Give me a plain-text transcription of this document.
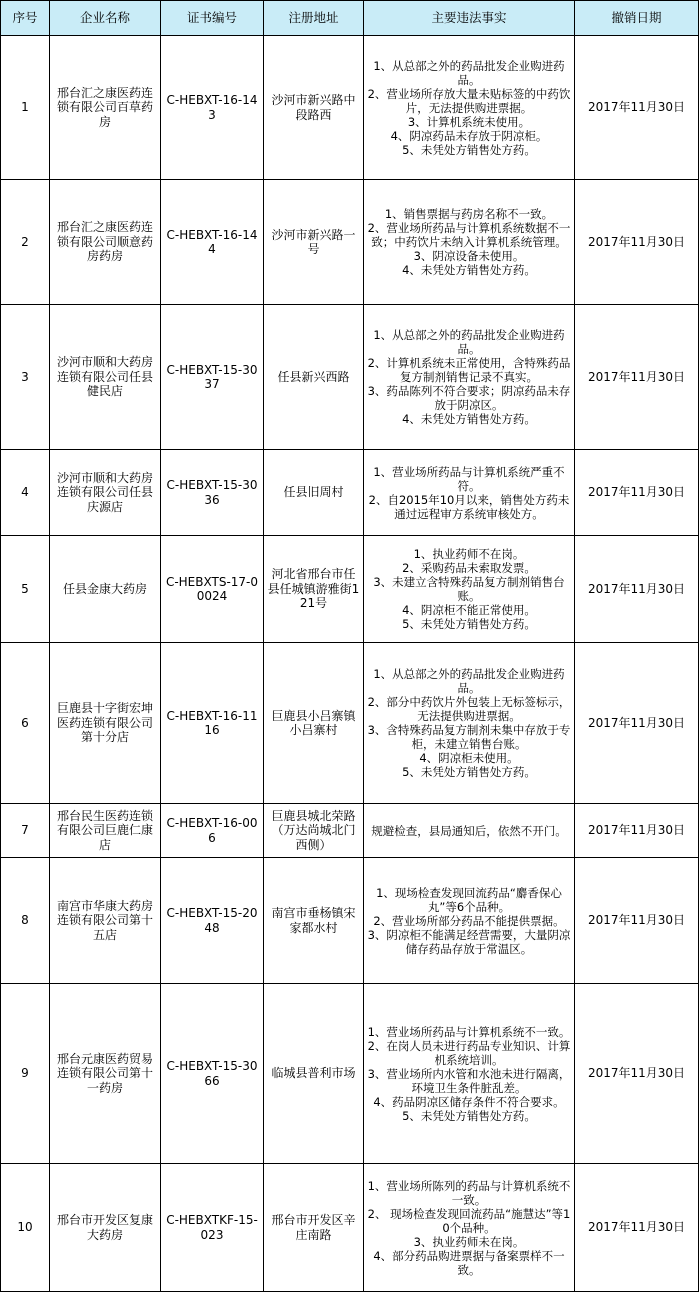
序号	企业名称	证书编号	注册地址	主要违法事实	撤销日期
1	邢台汇之康医药连锁有限公司百草药房	C-HEBXT-16-143	沙河市新兴路中段路西	1、从总部之外的药品批发企业购进药品。
2、营业场所存放大量未贴标签的中药饮片，无法提供购进票据。
3、计算机系统未使用。
4、阴凉药品未存放于阴凉柜。
5、未凭处方销售处方药。	2017年11月30日
2	邢台汇之康医药连锁有限公司顺意药房药房	C-HEBXT-16-144	沙河市新兴路一号	1、销售票据与药房名称不一致。
2、营业场所药品与计算机系统数据不一致；中药饮片未纳入计算机系统管理。
3、阴凉设备未使用。
4、未凭处方销售处方药。	2017年11月30日
3	沙河市顺和大药房连锁有限公司任县健民店	C-HEBXT-15-3037	任县新兴西路	1、从总部之外的药品批发企业购进药品。
2、计算机系统未正常使用，含特殊药品复方制剂销售记录不真实。
3、药品陈列不符合要求；阴凉药品未存放于阴凉区。
4、未凭处方销售处方药。	2017年11月30日
4	沙河市顺和大药房连锁有限公司任县庆源店	C-HEBXT-15-3036	任县旧周村	1、营业场所药品与计算机系统严重不符。
2、自2015年10月以来，销售处方药未通过远程审方系统审核处方。	2017年11月30日
5	任县金康大药房	C-HEBXTS-17-00024	河北省邢台市任县任城镇游雅街121号	1、执业药师不在岗。
2、采购药品未索取发票。
3、未建立含特殊药品复方制剂销售台账。
4、阴凉柜不能正常使用。
5、未凭处方销售处方药。	2017年11月30日
6	巨鹿县十字街宏坤医药连锁有限公司第十分店	C-HEBXT-16-1116	巨鹿县小吕寨镇小吕寨村	1、从总部之外的药品批发企业购进药品。
2、部分中药饮片外包装上无标签标示，无法提供购进票据。
3、含特殊药品复方制剂未集中存放于专柜，未建立销售台账。
4、阴凉柜未使用。
5、未凭处方销售处方药。	2017年11月30日
7	邢台民生医药连锁有限公司巨鹿仁康店	C-HEBXT-16-006	巨鹿县城北荣路（万达尚城北门西侧）	规避检查，县局通知后，依然不开门。	2017年11月30日
8	南宫市华康大药房连锁有限公司第十五店	C-HEBXT-15-2048	南宫市垂杨镇宋家都水村	1、现场检查发现回流药品“麝香保心丸”等6个品种。
2、营业场所部分药品不能提供票据。
3、阴凉柜不能满足经营需要，大量阴凉储存药品存放于常温区。	2017年11月30日
9	邢台元康医药贸易连锁有限公司第十一药房	C-HEBXT-15-3066	临城县普利市场	1、营业场所药品与计算机系统不一致。
2、在岗人员未进行药品专业知识、计算机系统培训。
3、营业场所内水管和水池未进行隔离，环境卫生条件脏乱差。
4、药品阴凉区储存条件不符合要求。
5、未凭处方销售处方药。	2017年11月30日
10	邢台市开发区复康大药房	C-HEBXTKF-15-023	邢台市开发区辛庄南路	1、营业场所陈列的药品与计算机系统不一致。
2、 现场检查发现回流药品“施慧达”等10个品种。
3、执业药师未在岗。
4、部分药品购进票据与备案票样不一致。	2017年11月30日
